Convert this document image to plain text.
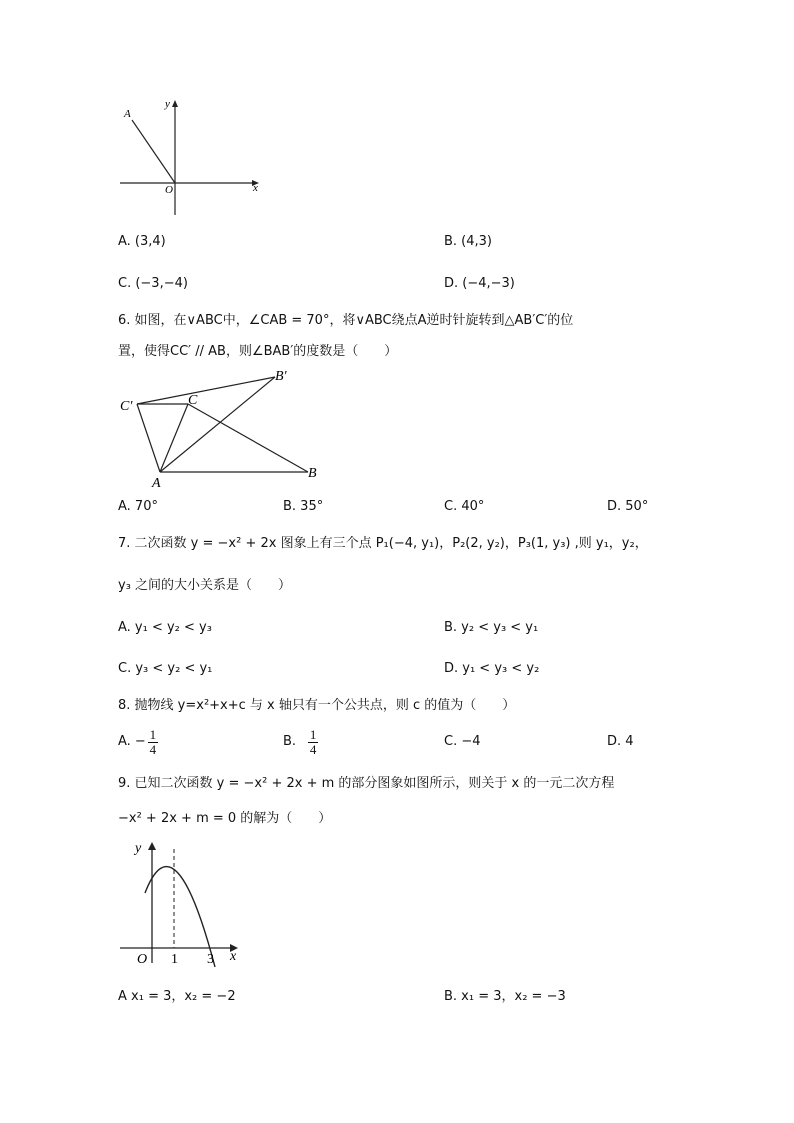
y
x
O
A
A. (3,4)	B. (4,3)
C. (−3,−4)	D. (−4,−3)
6. 如图，在∨ABC中，∠CAB = 70°，将∨ABC绕点A逆时针旋转到△AB′C′的位
置，使得CC′ // AB，则∠BAB′的度数是（　　）
B′
C′	C
A
B
A. 70°	B. 35°	C. 40°	D. 50°
7. 二次函数 y = −x² + 2x 图象上有三个点 P₁(−4, y₁)，P₂(2, y₂)，P₃(1, y₃) ,则 y₁，y₂，
y₃ 之间的大小关系是（　　）
A. y₁ < y₂ < y₃	B. y₂ < y₃ < y₁
C. y₃ < y₂ < y₁	D. y₁ < y₃ < y₂
8. 抛物线 y=x²+x+c 与 x 轴只有一个公共点，则 c 的值为（　　）
A. − 1
4	B. 1
4	C. −4	D. 4
9. 已知二次函数 y = −x² + 2x + m 的部分图象如图所示，则关于 x 的一元二次方程
−x² + 2x + m = 0 的解为（　　）
y
x
O 1 3
A x₁ = 3，x₂ = −2	B. x₁ = 3，x₂ = −3
